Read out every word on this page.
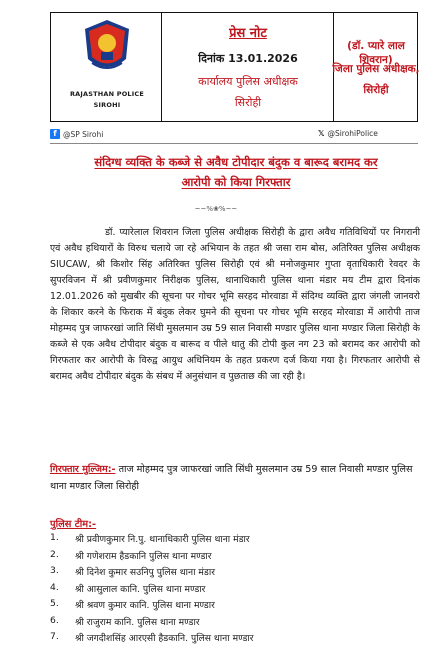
RAJASTHAN POLICE
SIROHI
प्रेस नोट
दिनांक 13.01.2026
कार्यालय पुलिस अधीक्षक
सिरोही
(डॉ. प्यारे लाल शिवरान)
जिला पुलिस अधीक्षक,
सिरोही
f @SP Sirohi	𝕏 @SirohiPolice
संदिग्ध व्यक्ति के कब्जे से अवैध टोपीदार बंदुक व बारूद बरामद कर
आरोपी को किया गिरफ्तार
~~%❀%~~

डॉ. प्यारेलाल शिवरान जिला पुलिस अधीक्षक सिरोही के द्वारा अवैध गतिविधियों पर निगरानी एवं अवैध हथियारों के विरुध चलाये जा रहे अभियान के तहत श्री जसा राम बोस, अतिरिक्त पुलिस अधीक्षक SIUCAW, श्री किशोर सिंह अतिरिक्त पुलिस सिरोही एवं श्री मनोजकुमार गुप्ता वृताधिकारी रेवदर के सुपरविजन में श्री प्रवीणकुमार निरीक्षक पुलिस, थानाधिकारी पुलिस थाना मंडार मय टीम द्वारा दिनांक 12.01.2026 को मुखबीर की सूचना पर गोचर भूमि सरहद मोरवाडा में संदिग्ध व्यक्ति द्वारा जंगली जानवरो के शिकार करने के फिराक में बंदुक लेकर घुमने की सूचना पर गोचर भूमि सरहद मोरवाडा में आरोपी ताज मोहम्मद पुत्र जाफरखां जाति सिंधी मुसलमान उम्र 59 साल निवासी मण्डार पुलिस थाना मण्डार जिला सिरोही के कब्जे से एक अवैध टोपीदार बंदुक व बारूद व पीले धातु की टोपी कुल नग 23 को बरामद कर आरोपी को गिरफतार कर आरोपी के विरुद्व आयुध अधिनियम के तहत प्रकरण दर्ज किया गया है। गिरफतार आरोपी से बरामद अवैध टोपीदार बंदुक के संबध में अनुसंधान व पुछताछ की जा रही है।

गिरफ्तार मुल्जिम:- ताज मोहम्मद पुत्र जाफरखां जाति सिंधी मुसलमान उम्र 59 साल निवासी मण्डार पुलिस थाना मण्डार जिला सिरोही
पुलिस टीम:-
1.	श्री प्रवीणकुमार नि.पु. थानाधिकारी पुलिस थाना मंडार
2.	श्री गणेशराम हैडकानि पुलिस थाना मण्डार
3.	श्री दिनेश कुमार सउनिपु पुलिस थाना मंडार
4.	श्री आसुलाल कानि. पुलिस थाना मण्डार
5.	श्री श्रवण कुमार कानि. पुलिस थाना मण्डार
6.	श्री राजुराम कानि. पुलिस थाना मण्डार
7.	श्री जगदीशसिंह आरएसी हैडकानि. पुलिस थाना मण्डार
